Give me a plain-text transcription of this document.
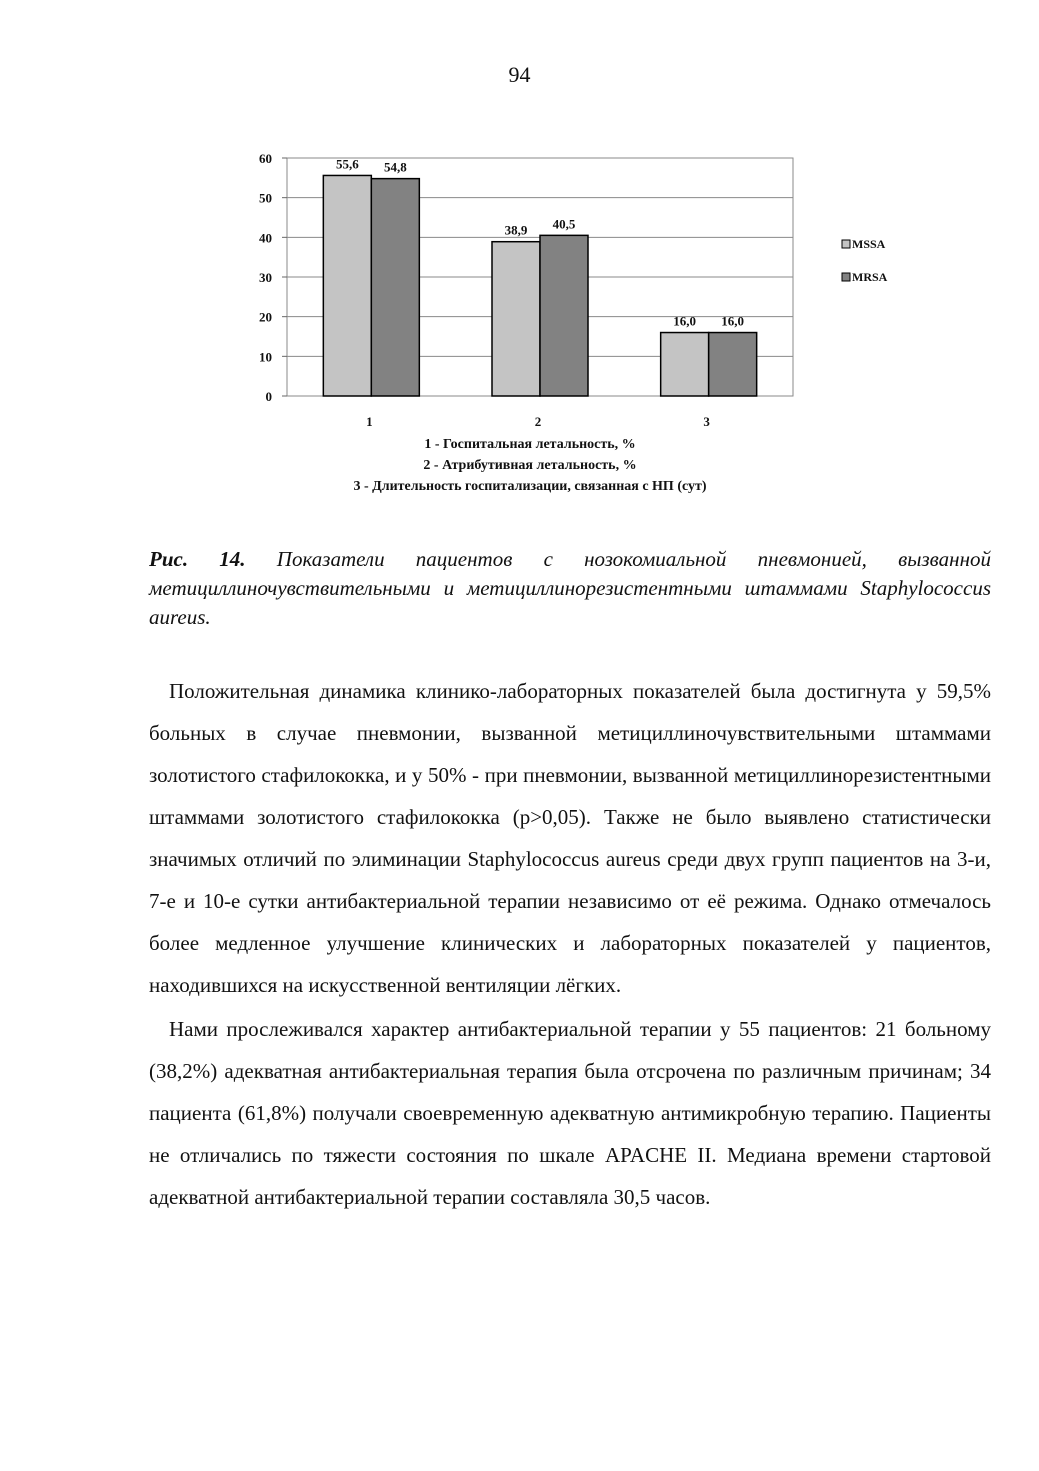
94
0
10
20
30
40
50
60	55,6 54,8
1
38,9 40,5
2
16,0 16,0
3
MSSA
MRSA
1 - Госпитальная летальность, %
2 - Атрибутивная летальность, %
3 - Длительность госпитализации, связанная с НП (сут)
Рис. 14. Показатели пациентов с нозокомиальной пневмонией, вызванной метициллиночувствительными и метициллинорезистентными штаммами Staphylococcus aureus.

Положительная динамика клинико-лабораторных показателей была достигнута у 59,5% больных в случае пневмонии, вызванной метициллиночувствительными штаммами золотистого стафилококка, и у 50% - при пневмонии, вызванной метициллинорезистентными штаммами золотистого стафилококка (p>0,05). Также не было выявлено статистически значимых отличий по элиминации Staphylococcus aureus среди двух групп пациентов на 3-и, 7-е и 10-е сутки антибактериальной терапии независимо от её режима. Однако отмечалось более медленное улучшение клинических и лабораторных показателей у пациентов, находившихся на искусственной вентиляции лёгких.

Нами прослеживался характер антибактериальной терапии у 55 пациентов: 21 больному (38,2%) адекватная антибактериальная терапия была отсрочена по различным причинам; 34 пациента (61,8%) получали своевременную адекватную антимикробную терапию. Пациенты не отличались по тяжести состояния по шкале APACHE II. Медиана времени стартовой адекватной антибактериальной терапии составляла 30,5 часов.
